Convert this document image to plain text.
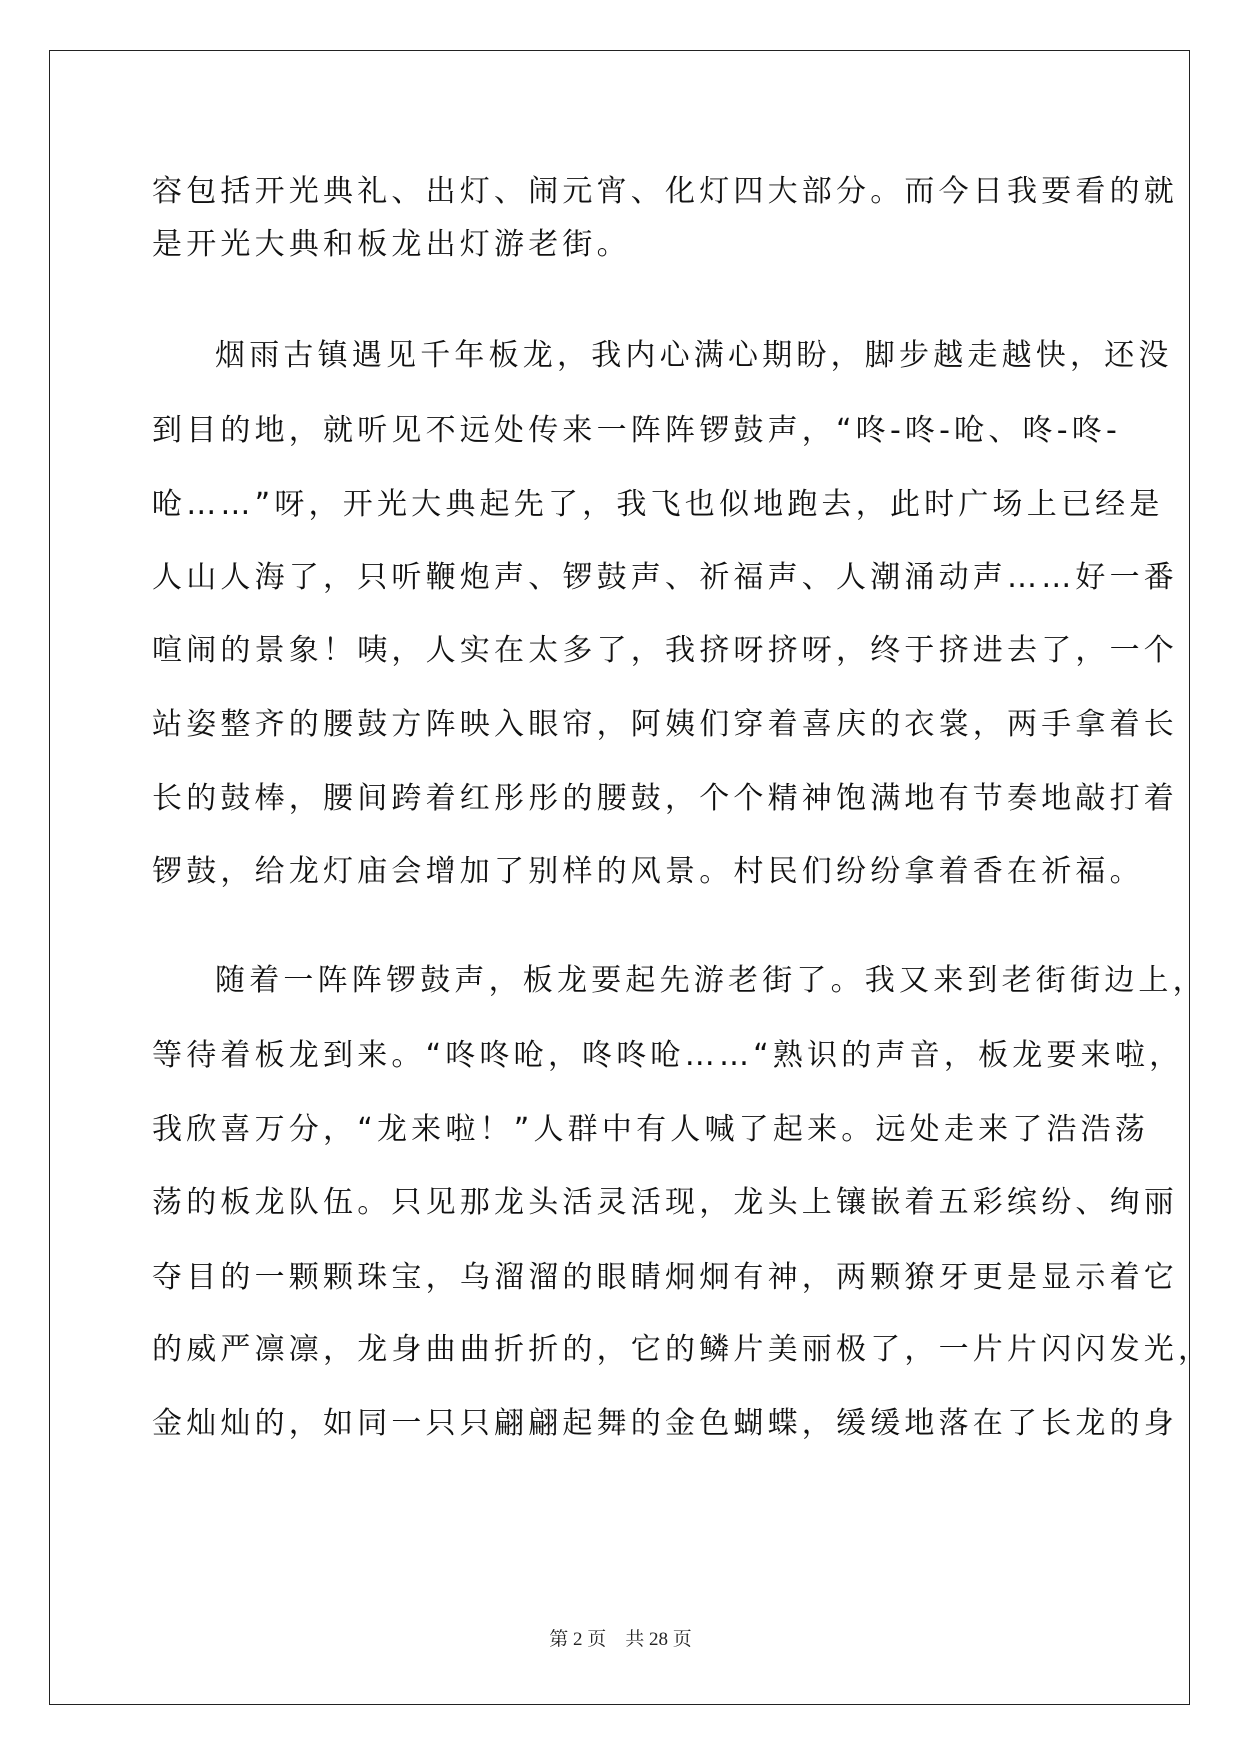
容包括开光典礼、出灯、闹元宵、化灯四大部分。而今日我要看的就
是开光大典和板龙出灯游老街。
烟雨古镇遇见千年板龙，我内心满心期盼，脚步越走越快，还没
到目的地，就听见不远处传来一阵阵锣鼓声，“咚-咚-呛、咚-咚-
呛……”呀，开光大典起先了，我飞也似地跑去，此时广场上已经是
人山人海了，只听鞭炮声、锣鼓声、祈福声、人潮涌动声……好一番
喧闹的景象！咦，人实在太多了，我挤呀挤呀，终于挤进去了，一个
站姿整齐的腰鼓方阵映入眼帘，阿姨们穿着喜庆的衣裳，两手拿着长
长的鼓棒，腰间跨着红彤彤的腰鼓，个个精神饱满地有节奏地敲打着
锣鼓，给龙灯庙会增加了别样的风景。村民们纷纷拿着香在祈福。
随着一阵阵锣鼓声，板龙要起先游老街了。我又来到老街街边上，
等待着板龙到来。“咚咚呛，咚咚呛……“熟识的声音，板龙要来啦，
我欣喜万分，“龙来啦！”人群中有人喊了起来。远处走来了浩浩荡
荡的板龙队伍。只见那龙头活灵活现，龙头上镶嵌着五彩缤纷、绚丽
夺目的一颗颗珠宝，乌溜溜的眼睛炯炯有神，两颗獠牙更是显示着它
的威严凛凛，龙身曲曲折折的，它的鳞片美丽极了，一片片闪闪发光，
金灿灿的，如同一只只翩翩起舞的金色蝴蝶，缓缓地落在了长龙的身
第 2 页    共 28 页
